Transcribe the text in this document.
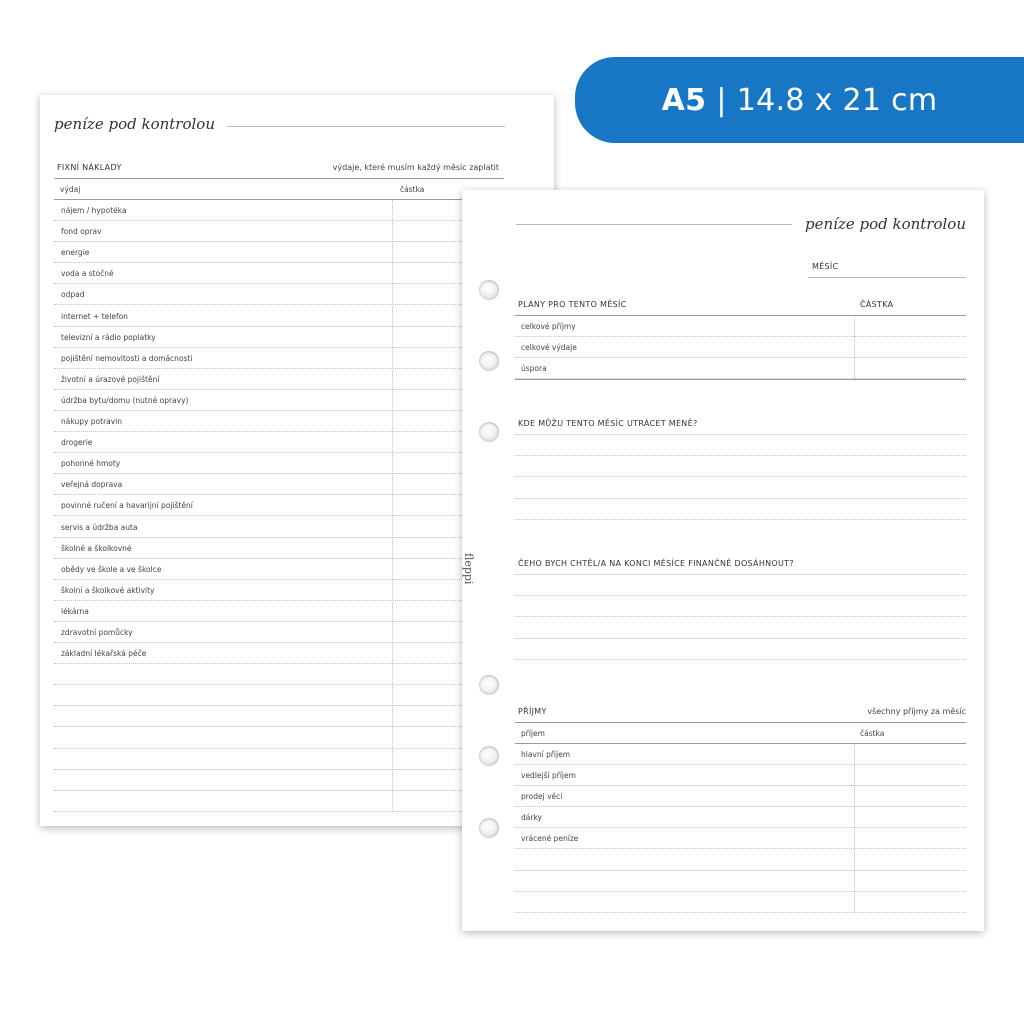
A5 | 14.8 x 21 cm
peníze pod kontrolou
FIXNÍ NÁKLADY	výdaje, které musím každý měsíc zaplatit
výdaj	částka
nájem / hypotéka
fond oprav
energie
voda a stočné
odpad
internet + telefon
televizní a rádio poplatky
pojištění nemovitosti a domácnosti
životní a úrazové pojištění
údržba bytu/domu (nutné opravy)
nákupy potravin
drogerie
pohonné hmoty
veřejná doprava
povinné ručení a havarijní pojištění
servis a údržba auta
školné a školkovné
obědy ve škole a ve školce
školní a školkové aktivity
lékárna
zdravotní pomůcky
základní lékařská péče
peníze pod kontrolou
MĚSÍC
fleppi
PLÁNY PRO TENTO MĚSÍC	ČÁSTKA
celkové příjmy
celkové výdaje
úspora
KDE MŮŽU TENTO MĚSÍC UTRÁCET MÉNĚ?
ČEHO BYCH CHTĚL/A NA KONCI MĚSÍCE FINANČNĚ DOSÁHNOUT?
PŘÍJMY	všechny příjmy za měsíc
příjem	částka
hlavní příjem
vedlejší příjem
prodej věcí
dárky
vrácené peníze
